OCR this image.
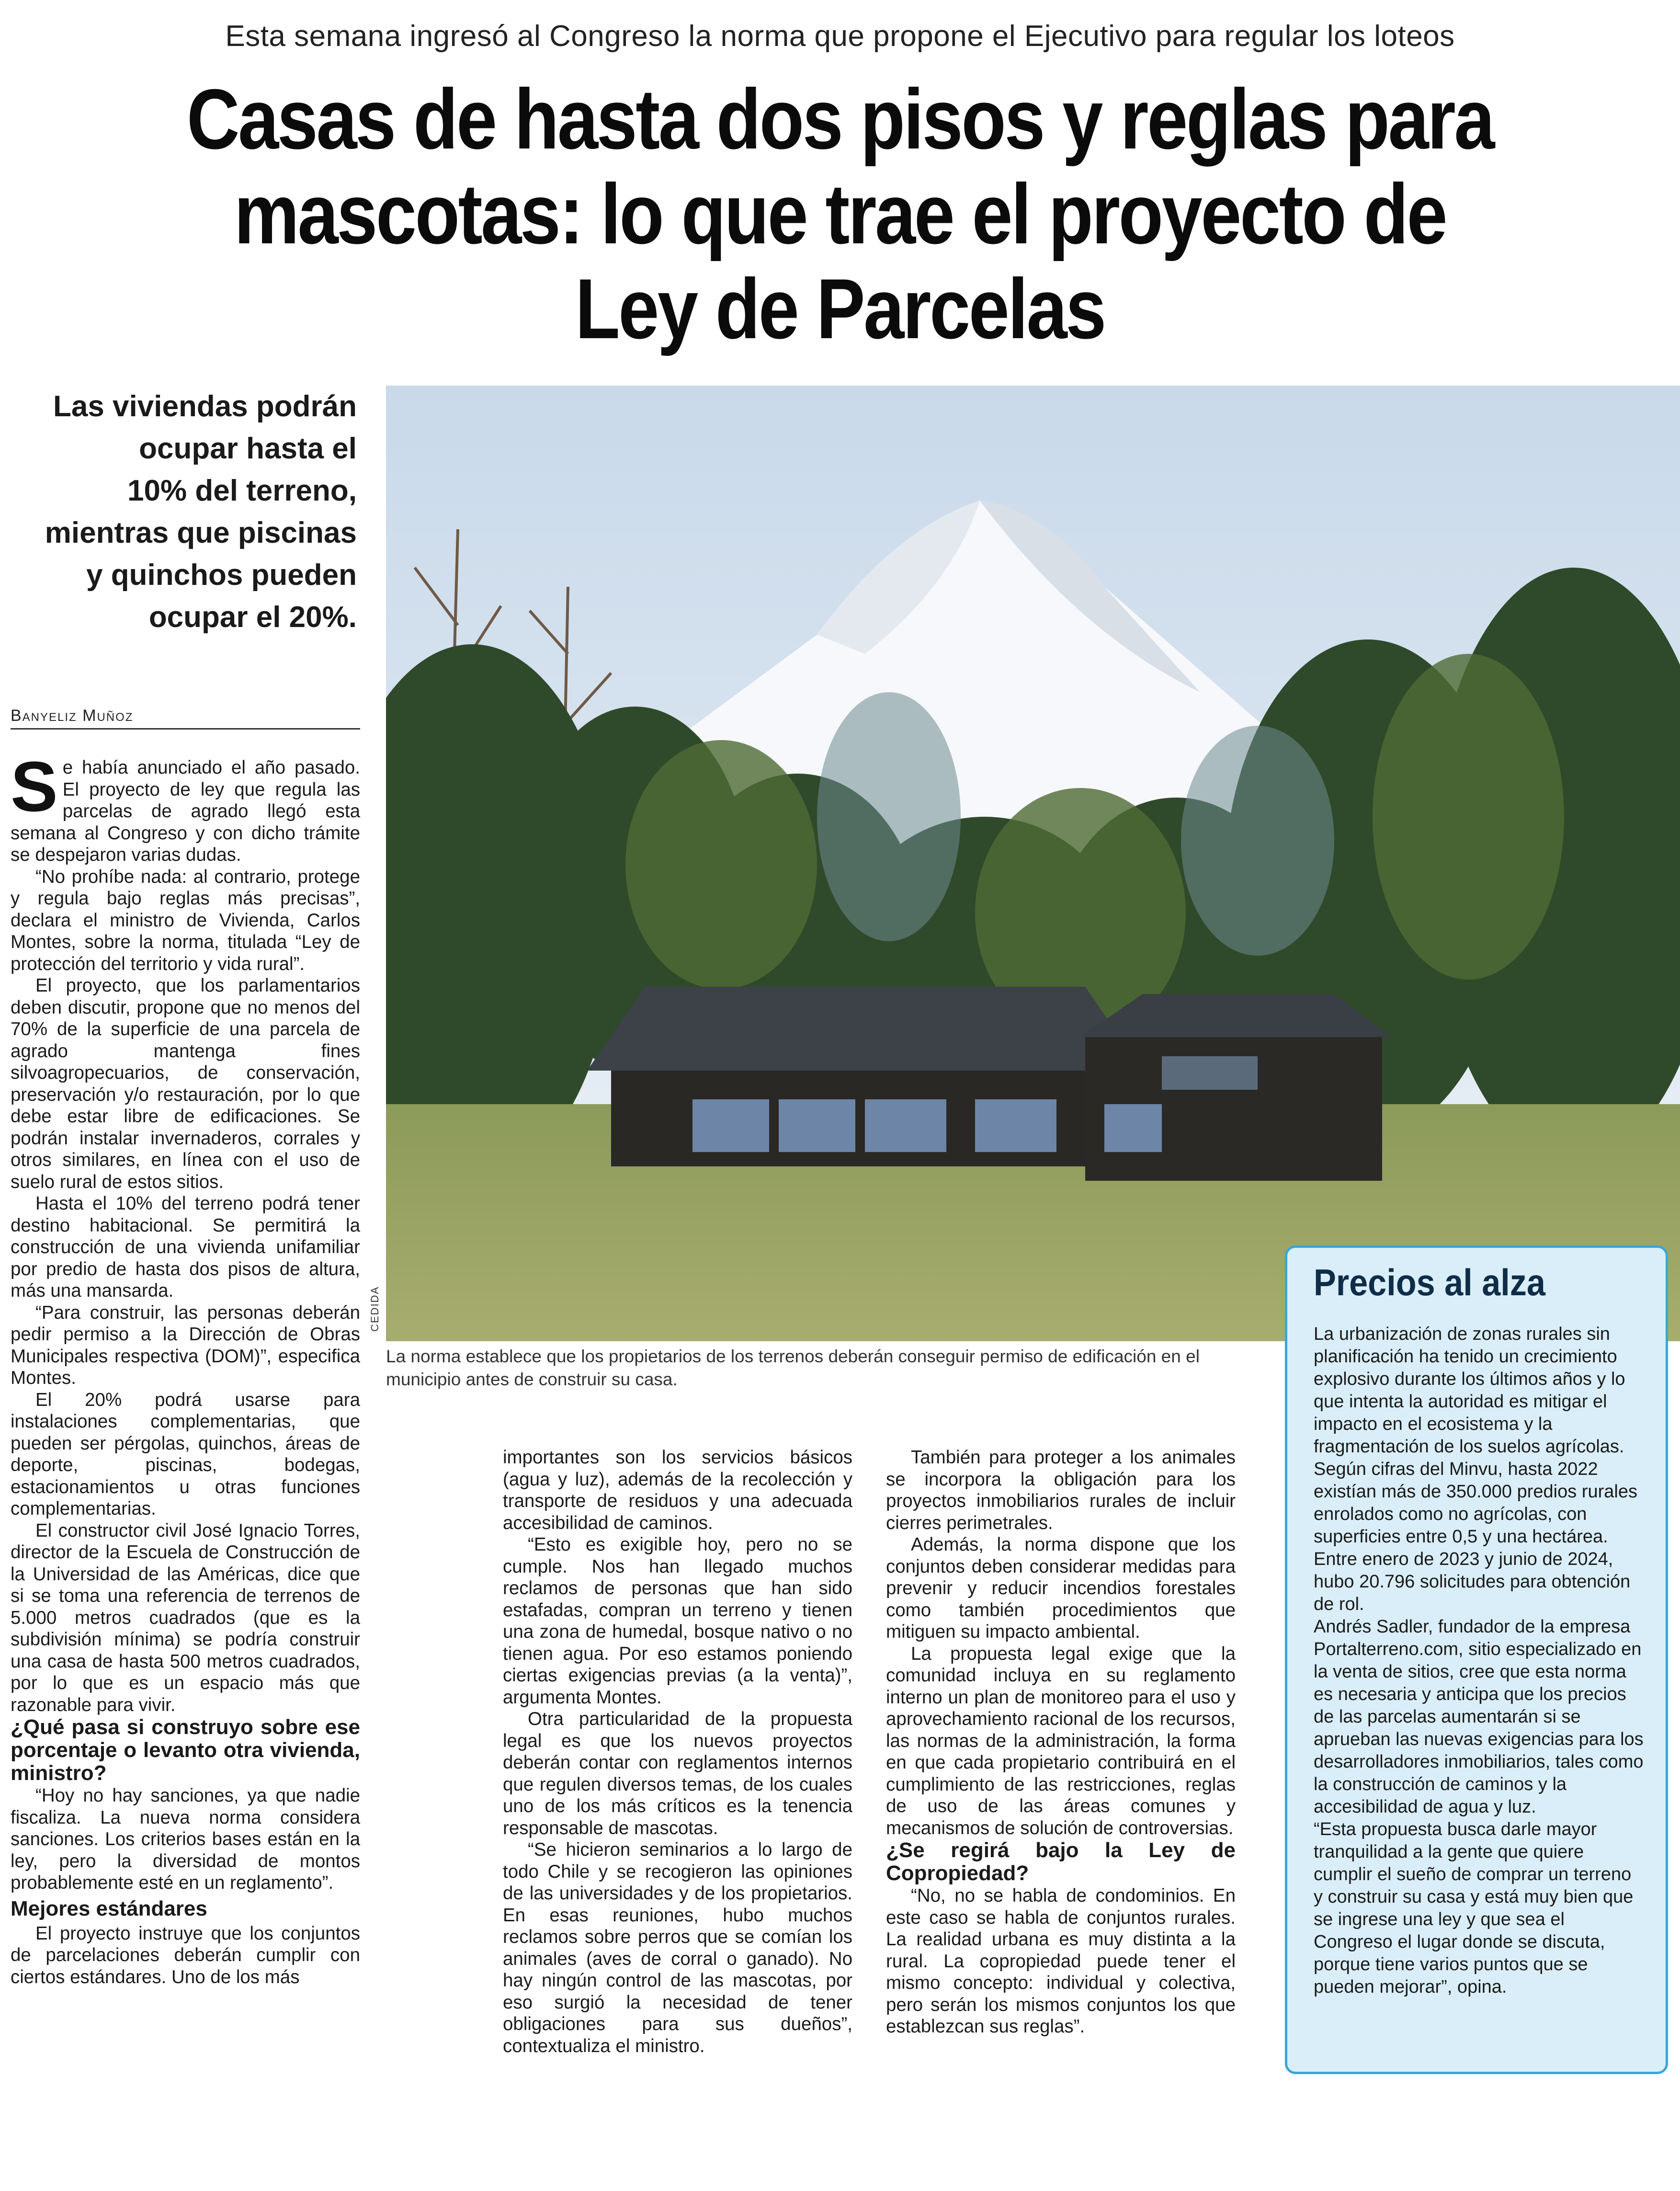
Esta semana ingresó al Congreso la norma que propone el Ejecutivo para regular los loteos
Casas de hasta dos pisos y reglas para
mascotas: lo que trae el proyecto de
Ley de Parcelas
Las viviendas podrán
ocupar hasta el
10% del terreno,
mientras que piscinas
y quinchos pueden
ocupar el 20%.
Banyeliz Muñoz
CEDIDA
La norma establece que los propietarios de los terrenos deberán conseguir permiso de edificación en el municipio antes de construir su casa.

Se había anunciado el año pasado. El proyecto de ley que regula las parcelas de agrado llegó esta semana al Congreso y con dicho trámite se despejaron varias dudas.

“No prohíbe nada: al contrario, protege y regula bajo reglas más precisas”, declara el ministro de Vivienda, Carlos Montes, sobre la norma, titulada “Ley de protección del territorio y vida rural”.

El proyecto, que los parlamentarios deben discutir, propone que no menos del 70% de la superficie de una parcela de agrado mantenga fines silvoagropecuarios, de conservación, preservación y/o restauración, por lo que debe estar libre de edificaciones. Se podrán instalar invernaderos, corrales y otros similares, en línea con el uso de suelo rural de estos sitios.

Hasta el 10% del terreno podrá tener destino habitacional. Se permitirá la construcción de una vivienda unifamiliar por predio de hasta dos pisos de altura, más una mansarda.

“Para construir, las personas deberán pedir permiso a la Dirección de Obras Municipales respectiva (DOM)”, especifica Montes.

El 20% podrá usarse para instalaciones complementarias, que pueden ser pérgolas, quinchos, áreas de deporte, piscinas, bodegas, estacionamientos u otras funciones complementarias.

El constructor civil José Ignacio Torres, director de la Escuela de Construcción de la Universidad de las Américas, dice que si se toma una referencia de terrenos de 5.000 metros cuadrados (que es la subdivisión mínima) se podría construir una casa de hasta 500 metros cuadrados, por lo que es un espacio más que razonable para vivir.

¿Qué pasa si construyo sobre ese porcentaje o levanto otra vivienda, ministro?

“Hoy no hay sanciones, ya que nadie fiscaliza. La nueva norma considera sanciones. Los criterios bases están en la ley, pero la diversidad de montos probablemente esté en un reglamento”.

Mejores estándares

El proyecto instruye que los conjuntos de parcelaciones deberán cumplir con ciertos estándares. Uno de los más

importantes son los servicios básicos (agua y luz), además de la recolección y transporte de residuos y una adecuada accesibilidad de caminos.

“Esto es exigible hoy, pero no se cumple. Nos han llegado muchos reclamos de personas que han sido estafadas, compran un terreno y tienen una zona de humedal, bosque nativo o no tienen agua. Por eso estamos poniendo ciertas exigencias previas (a la venta)”, argumenta Montes.

Otra particularidad de la propuesta legal es que los nuevos proyectos deberán contar con reglamentos internos que regulen diversos temas, de los cuales uno de los más críticos es la tenencia responsable de mascotas.

“Se hicieron seminarios a lo largo de todo Chile y se recogieron las opiniones de las universidades y de los propietarios. En esas reuniones, hubo muchos reclamos sobre perros que se comían los animales (aves de corral o ganado). No hay ningún control de las mascotas, por eso surgió la necesidad de tener obligaciones para sus dueños”, contextualiza el ministro.

También para proteger a los animales se incorpora la obligación para los proyectos inmobiliarios rurales de incluir cierres perimetrales.

Además, la norma dispone que los conjuntos deben considerar medidas para prevenir y reducir incendios forestales como también procedimientos que mitiguen su impacto ambiental.

La propuesta legal exige que la comunidad incluya en su reglamento interno un plan de monitoreo para el uso y aprovechamiento racional de los recursos, las normas de la administración, la forma en que cada propietario contribuirá en el cumplimiento de las restricciones, reglas de uso de las áreas comunes y mecanismos de solución de controversias.

¿Se regirá bajo la Ley de Copropiedad?

“No, no se habla de condominios. En este caso se habla de conjuntos rurales. La realidad urbana es muy distinta a la rural. La copropiedad puede tener el mismo concepto: individual y colectiva, pero serán los mismos conjuntos los que establezcan sus reglas”.

Precios al alza

La urbanización de zonas rurales sin planificación ha tenido un crecimiento explosivo durante los últimos años y lo que intenta la autoridad es mitigar el impacto en el ecosistema y la fragmentación de los suelos agrícolas. Según cifras del Minvu, hasta 2022 existían más de 350.000 predios rurales enrolados como no agrícolas, con superficies entre 0,5 y una hectárea. Entre enero de 2023 y junio de 2024, hubo 20.796 solicitudes para obtención de rol.

Andrés Sadler, fundador de la empresa Portalterreno.com, sitio especializado en la venta de sitios, cree que esta norma es necesaria y anticipa que los precios de las parcelas aumentarán si se aprueban las nuevas exigencias para los desarrolladores inmobiliarios, tales como la construcción de caminos y la accesibilidad de agua y luz.

“Esta propuesta busca darle mayor tranquilidad a la gente que quiere cumplir el sueño de comprar un terreno y construir su casa y está muy bien que se ingrese una ley y que sea el Congreso el lugar donde se discuta, porque tiene varios puntos que se pueden mejorar”, opina.
